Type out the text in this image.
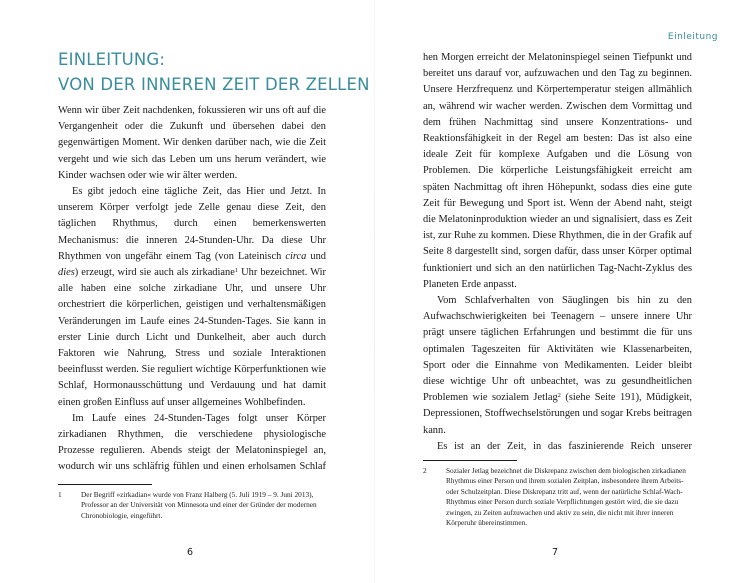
EINLEITUNG:
VON DER INNEREN ZEIT DER ZELLEN

Wenn wir über Zeit nachdenken, fokussieren wir uns oft auf die Vergangenheit oder die Zukunft und übersehen dabei den gegenwärtigen Moment. Wir denken darüber nach, wie die Zeit vergeht und wie sich das Leben um uns herum verändert, wie Kinder wachsen oder wie wir älter werden.

Es gibt jedoch eine tägliche Zeit, das Hier und Jetzt. In unserem Körper verfolgt jede Zelle genau diese Zeit, den täglichen Rhythmus, durch einen bemerkenswerten Mechanismus: die inneren 24-Stunden-Uhr. Da diese Uhr Rhythmen von ungefähr einem Tag (von Lateinisch circa und dies) erzeugt, wird sie auch als zirkadiane$^1$ Uhr bezeichnet. Wir alle haben eine solche zirkadiane Uhr, und unsere Uhr orchestriert die körperlichen, geistigen und verhaltensmäßigen Veränderungen im Laufe eines 24-Stunden-Tages. Sie kann in erster Linie durch Licht und Dunkelheit, aber auch durch Faktoren wie Nahrung, Stress und soziale Interaktionen beeinflusst werden. Sie reguliert wichtige Körperfunktionen wie Schlaf, Hormonausschüttung und Verdauung und hat damit einen großen Einfluss auf unser allgemeines Wohlbefinden.

Im Laufe eines 24-Stunden-Tages folgt unser Körper zirkadianen Rhythmen, die verschiedene physiologische Prozesse regulieren. Abends steigt der Melatoninspiegel an, wodurch wir uns schläfrig fühlen und einen erholsamen Schlaf

1	Der Begriff »zirkadian« wurde von Franz Halberg (5. Juli 1919 – 9. Juni 2013), Professor an der Universität von Minnesota und einer der Gründer der modernen Chronobiologie, eingeführt.
6
Einleitung

hen Morgen erreicht der Melatoninspiegel seinen Tiefpunkt und bereitet uns darauf vor, aufzuwachen und den Tag zu beginnen. Unsere Herzfrequenz und Körpertemperatur steigen allmählich an, während wir wacher werden. Zwischen dem Vormittag und dem frühen Nachmittag sind unsere Konzentrations- und Reaktionsfähigkeit in der Regel am besten: Das ist also eine ideale Zeit für komplexe Aufgaben und die Lösung von Problemen. Die körperliche Leistungsfähigkeit erreicht am späten Nachmittag oft ihren Höhepunkt, sodass dies eine gute Zeit für Bewegung und Sport ist. Wenn der Abend naht, steigt die Melatoninproduktion wieder an und signalisiert, dass es Zeit ist, zur Ruhe zu kommen. Diese Rhythmen, die in der Grafik auf Seite 8 dargestellt sind, sorgen dafür, dass unser Körper optimal funktioniert und sich an den natürlichen Tag-Nacht-Zyklus des Planeten Erde anpasst.

Vom Schlafverhalten von Säuglingen bis hin zu den Aufwachschwierigkeiten bei Teenagern – unsere innere Uhr prägt unsere täglichen Erfahrungen und bestimmt die für uns optimalen Tageszeiten für Aktivitäten wie Klassenarbeiten, Sport oder die Einnahme von Medikamenten. Leider bleibt diese wichtige Uhr oft unbeachtet, was zu gesundheitlichen Problemen wie sozialem Jetlag$^2$ (siehe Seite 191), Müdigkeit, Depressionen, Stoffwechselstörungen und sogar Krebs beitragen kann.

Es ist an der Zeit, in das faszinierende Reich unserer

2	Sozialer Jetlag bezeichnet die Diskrepanz zwischen dem biologischen zirkadianen Rhythmus einer Person und ihrem sozialen Zeitplan, insbesondere ihrem Arbeits- oder Schulzeitplan. Diese Diskrepanz tritt auf, wenn der natürliche Schlaf-Wach-Rhythmus einer Person durch soziale Verpflichtungen gestört wird, die sie dazu zwingen, zu Zeiten aufzuwachen und aktiv zu sein, die nicht mit ihrer inneren Körperuhr übereinstimmen.
7
